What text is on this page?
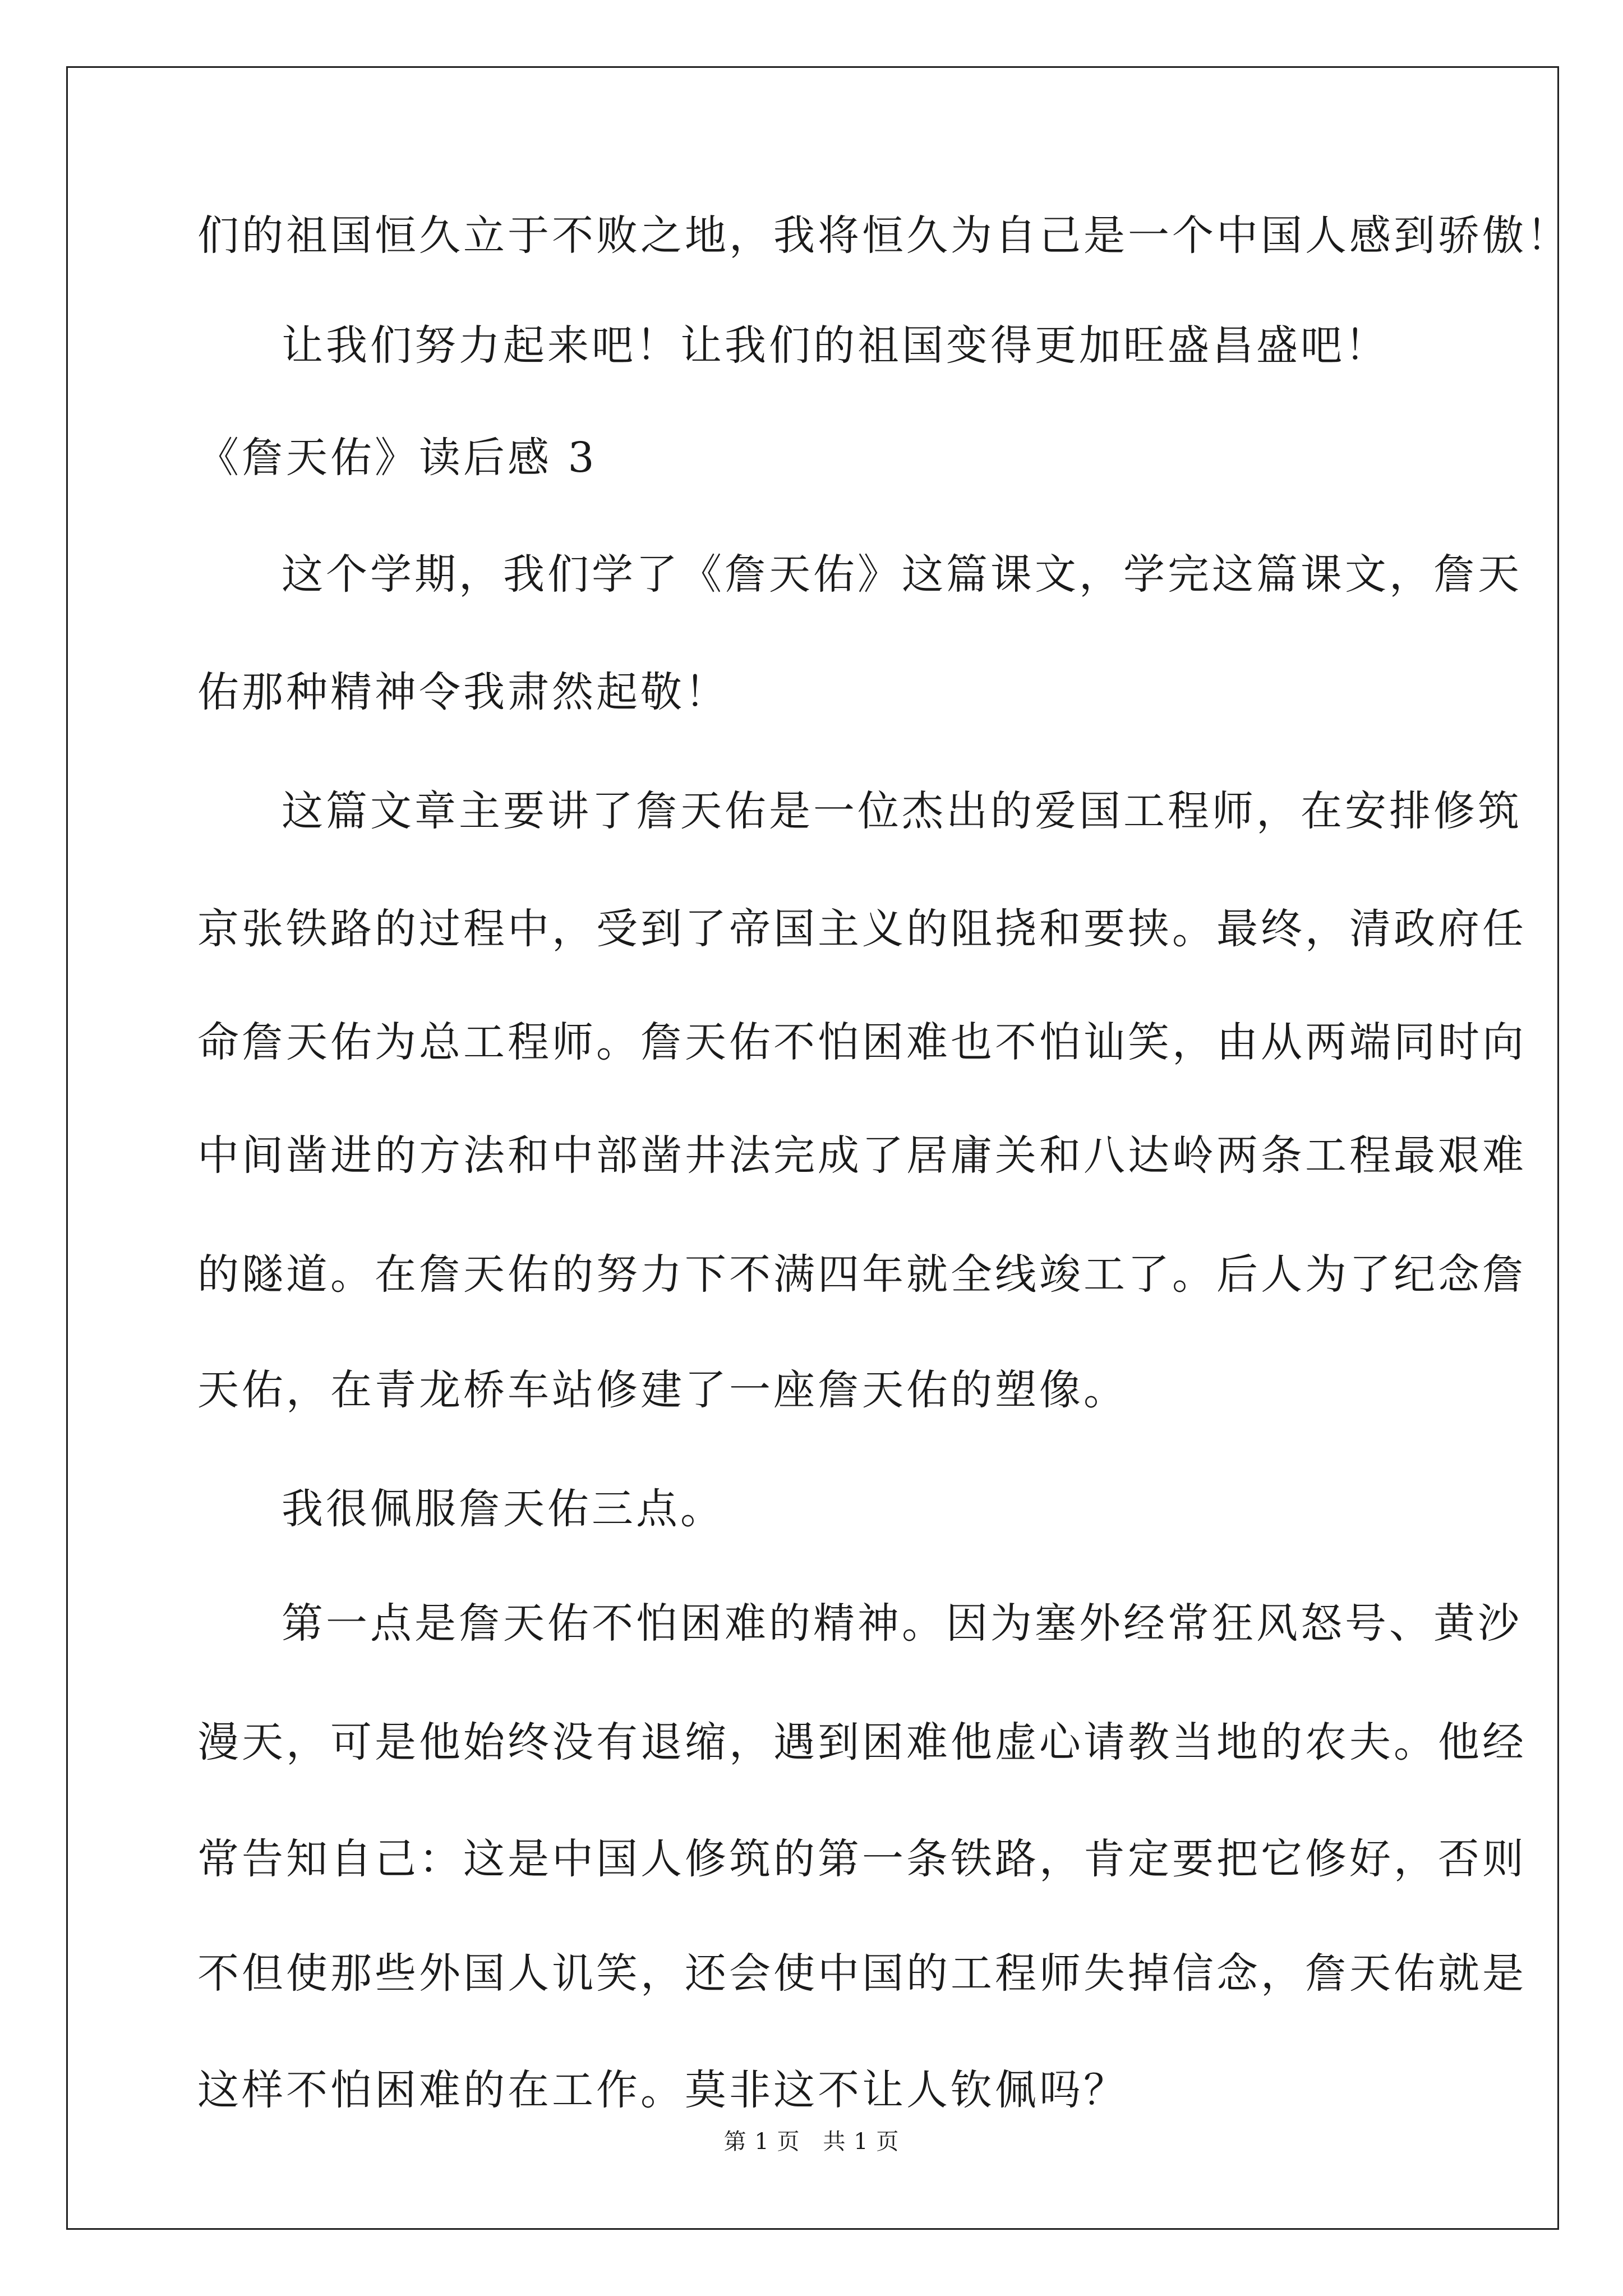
们的祖国恒久立于不败之地，我将恒久为自己是一个中国人感到骄傲！
让我们努力起来吧！让我们的祖国变得更加旺盛昌盛吧！
《詹天佑》读后感 3
这个学期，我们学了《詹天佑》这篇课文，学完这篇课文，詹天
佑那种精神令我肃然起敬！
这篇文章主要讲了詹天佑是一位杰出的爱国工程师，在安排修筑
京张铁路的过程中，受到了帝国主义的阻挠和要挟。最终，清政府任
命詹天佑为总工程师。詹天佑不怕困难也不怕讪笑，由从两端同时向
中间凿进的方法和中部凿井法完成了居庸关和八达岭两条工程最艰难
的隧道。在詹天佑的努力下不满四年就全线竣工了。后人为了纪念詹
天佑，在青龙桥车站修建了一座詹天佑的塑像。
我很佩服詹天佑三点。
第一点是詹天佑不怕困难的精神。因为塞外经常狂风怒号、黄沙
漫天，可是他始终没有退缩，遇到困难他虚心请教当地的农夫。他经
常告知自己：这是中国人修筑的第一条铁路，肯定要把它修好，否则
不但使那些外国人讥笑，还会使中国的工程师失掉信念，詹天佑就是
这样不怕困难的在工作。莫非这不让人钦佩吗？
第 1 页　共 1 页
